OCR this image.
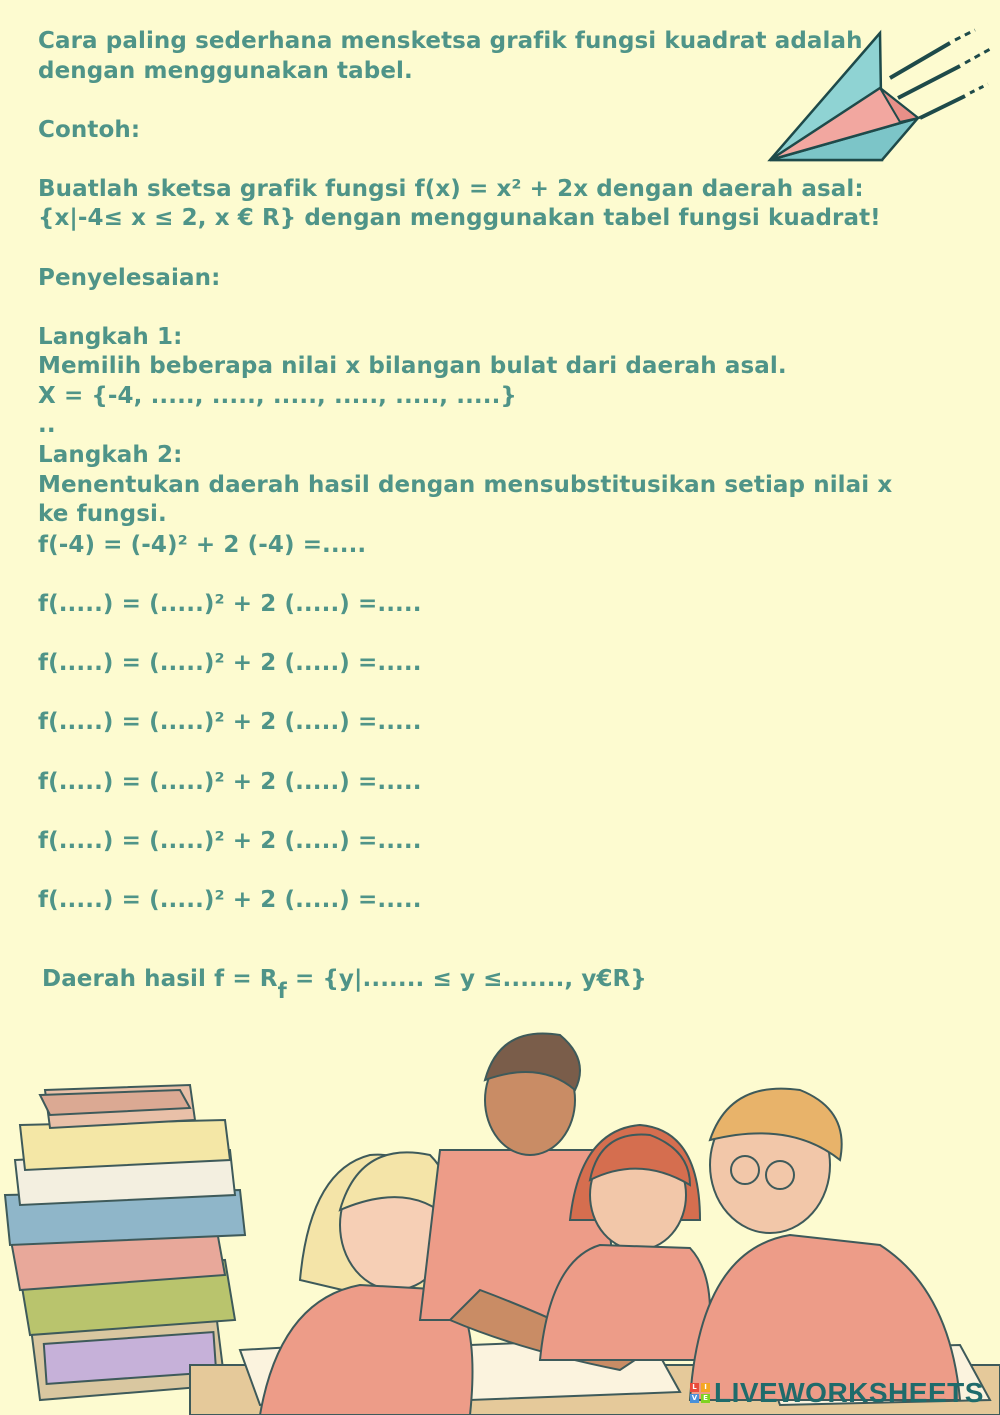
Cara paling sederhana mensketsa grafik fungsi kuadrat adalah

dengan menggunakan tabel.

Contoh:

Buatlah sketsa grafik fungsi f(x) = x² + 2x dengan daerah asal:

{x|-4≤ x ≤ 2, x € R} dengan menggunakan tabel fungsi kuadrat!

Penyelesaian:

Langkah 1:

Memilih beberapa nilai x bilangan bulat dari daerah asal.

X = {-4, ....., ....., ....., ....., ....., .....}

..

Langkah 2:

Menentukan daerah hasil dengan mensubstitusikan setiap nilai x

ke fungsi.

f(-4) = (-4)² + 2 (-4) =.....

f(.....) = (.....)² + 2 (.....) =.....

f(.....) = (.....)² + 2 (.....) =.....

f(.....) = (.....)² + 2 (.....) =.....

f(.....) = (.....)² + 2 (.....) =.....

f(.....) = (.....)² + 2 (.....) =.....

f(.....) = (.....)² + 2 (.....) =.....

Daerah hasil f = Rf = {y|....... ≤ y ≤......., y€R}

L	I
V E LIVEWORKSHEETS
